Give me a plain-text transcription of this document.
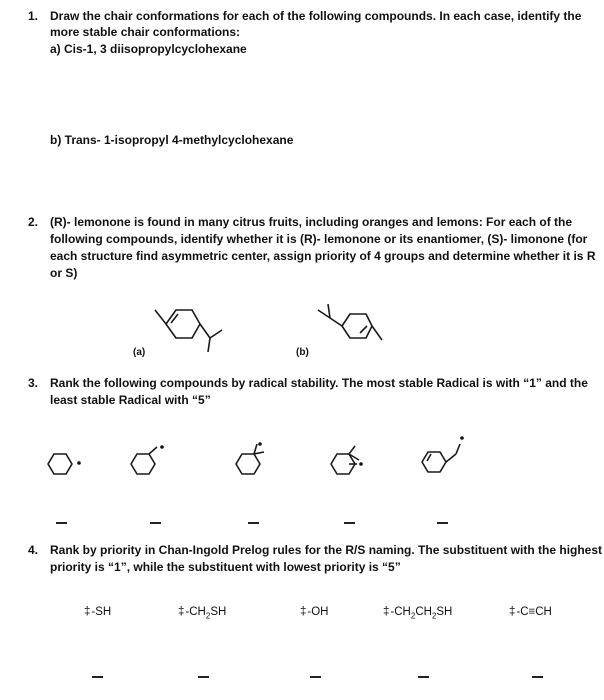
1. Draw the chair conformations for each of the following compounds. In each case, identify the
more stable chair conformations:
a) Cis-1, 3 diisopropylcyclohexane
b) Trans- 1-isopropyl 4-methylcyclohexane
2. (R)- lemonone is found in many citrus fruits, including oranges and lemons: For each of the
following compounds, identify whether it is (R)- lemonone or its enantiomer, (S)- limonone (for
each structure find asymmetric center, assign priority of 4 groups and determine whether it is R
or S)
(a)	(b)
3. Rank the following compounds by radical stability. The most stable Radical is with “1” and the
least stable Radical with “5”
4. Rank by priority in Chan-Ingold Prelog rules for the R/S naming. The substituent with the highest
priority is “1”, while the substituent with lowest priority is “5”
‡-SH	$\ddagger-CH_2SH$	‡-OH	$\ddagger-CH_2CH_2SH$	‡-C≡CH
